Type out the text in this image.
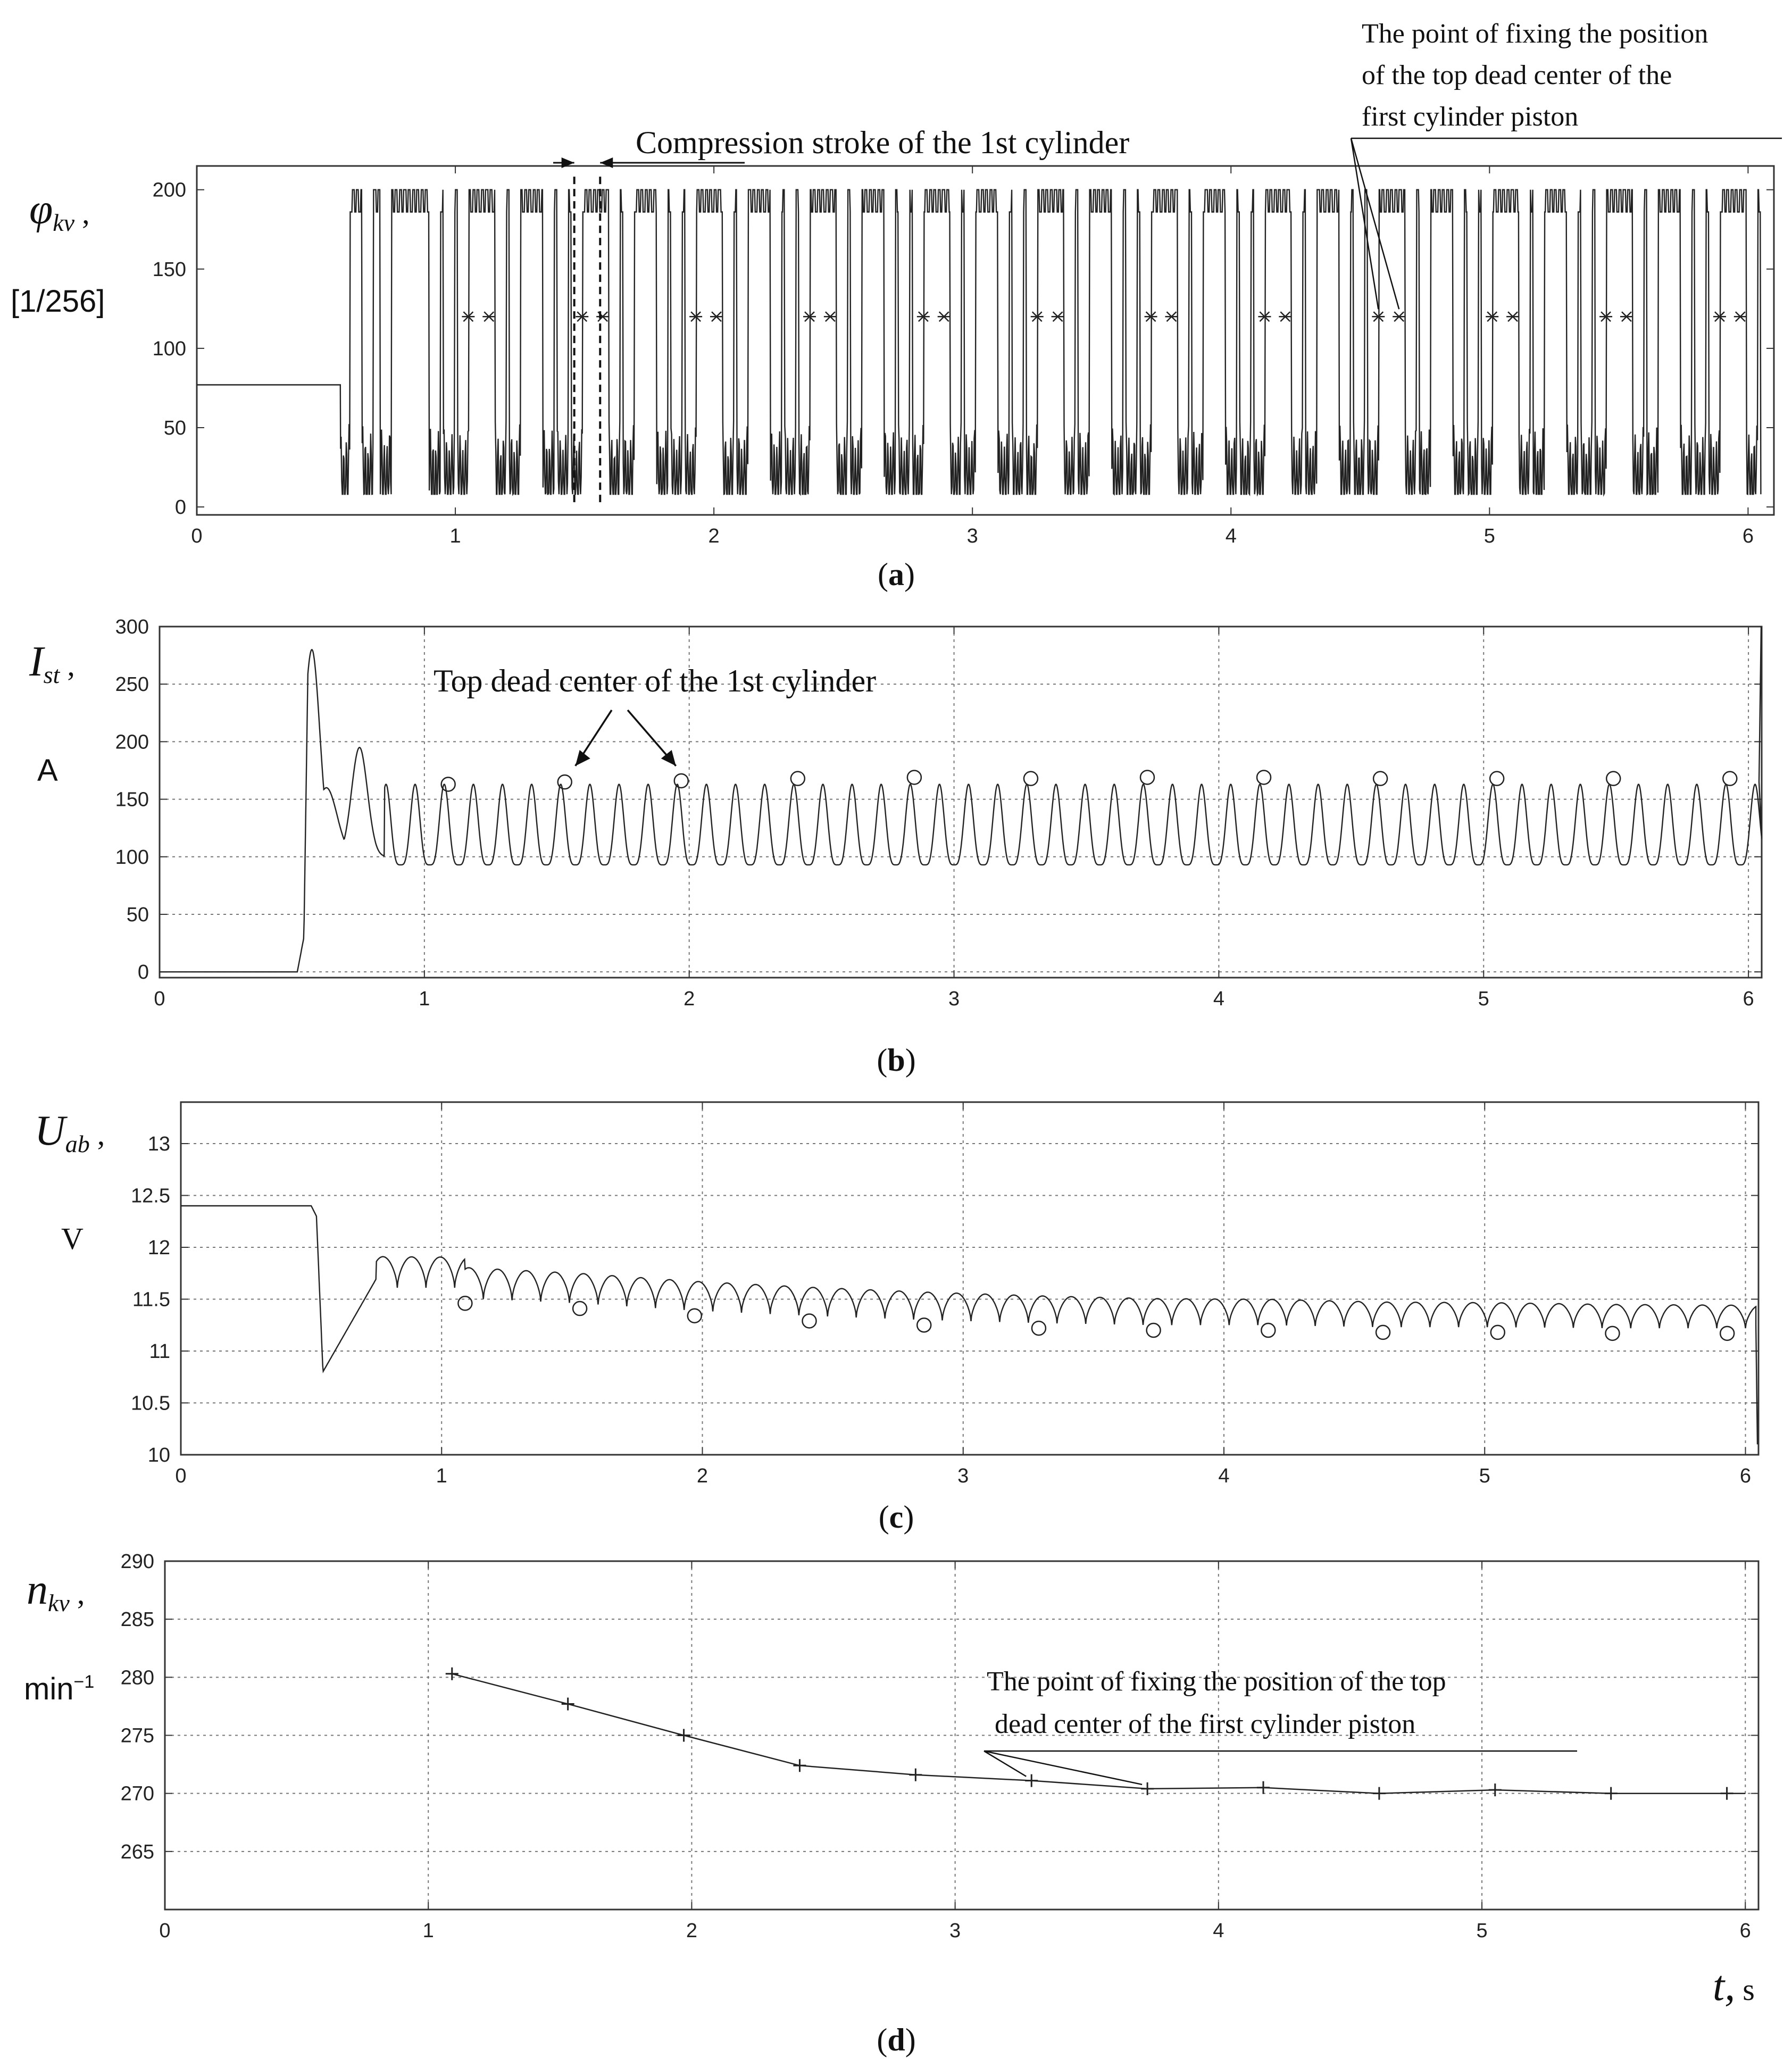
0	1	2	3	4	5	6
0
50
100
150
200
(a)
φkv ,
[1/256]
Compression stroke of the 1st cylinder
The point of fixing the position
of the top dead center of the
first cylinder piston
0	1	2	3	4	5	6
0
50
100
150
200
250
300
(b)
Ist ,
A
Top dead center of the 1st cylinder
0	1	2	3	4	5	6
10
10.5
11
11.5
12
12.5
13
(c)
Uab ,
V
0	1	2	3	4	5	6
265
270
275
280
285
290
(d)
nkv ,
$\min^{-1}$	The point of fixing the position of the top
dead center of the first cylinder piston
t, s
